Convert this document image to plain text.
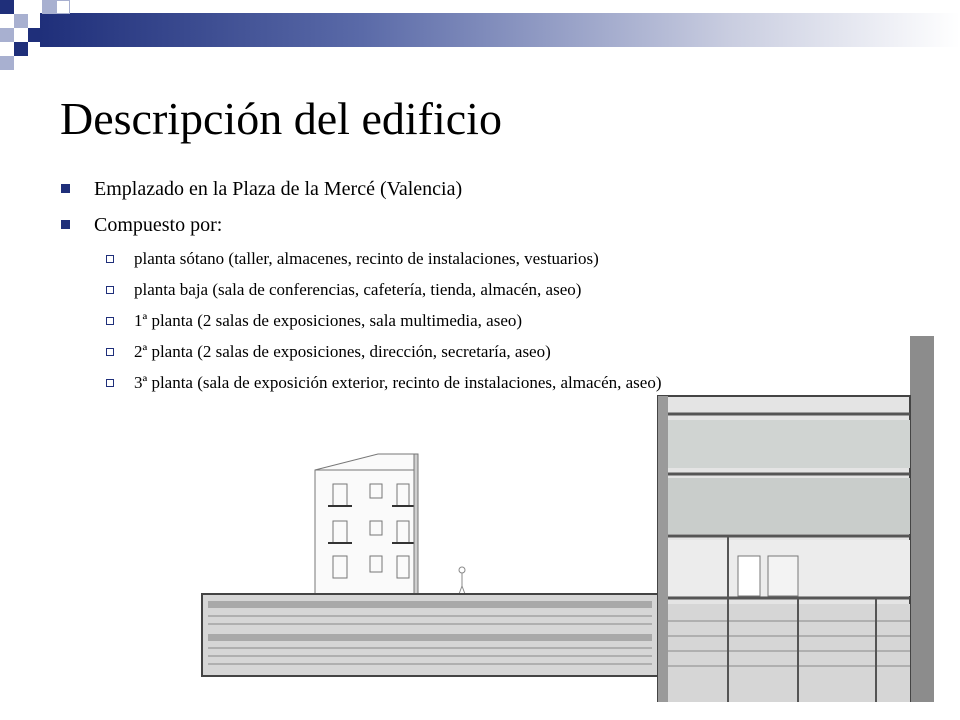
Descripción del edificio
Emplazado en la Plaza de la Mercé (Valencia)
Compuesto por:
planta sótano (taller, almacenes, recinto de instalaciones, vestuarios)
planta baja (sala de conferencias, cafetería, tienda, almacén, aseo)
1ª planta (2 salas de exposiciones, sala multimedia, aseo)
2ª planta (2 salas de exposiciones, dirección, secretaría, aseo)
3ª planta (sala de exposición exterior, recinto de instalaciones, almacén, aseo)
